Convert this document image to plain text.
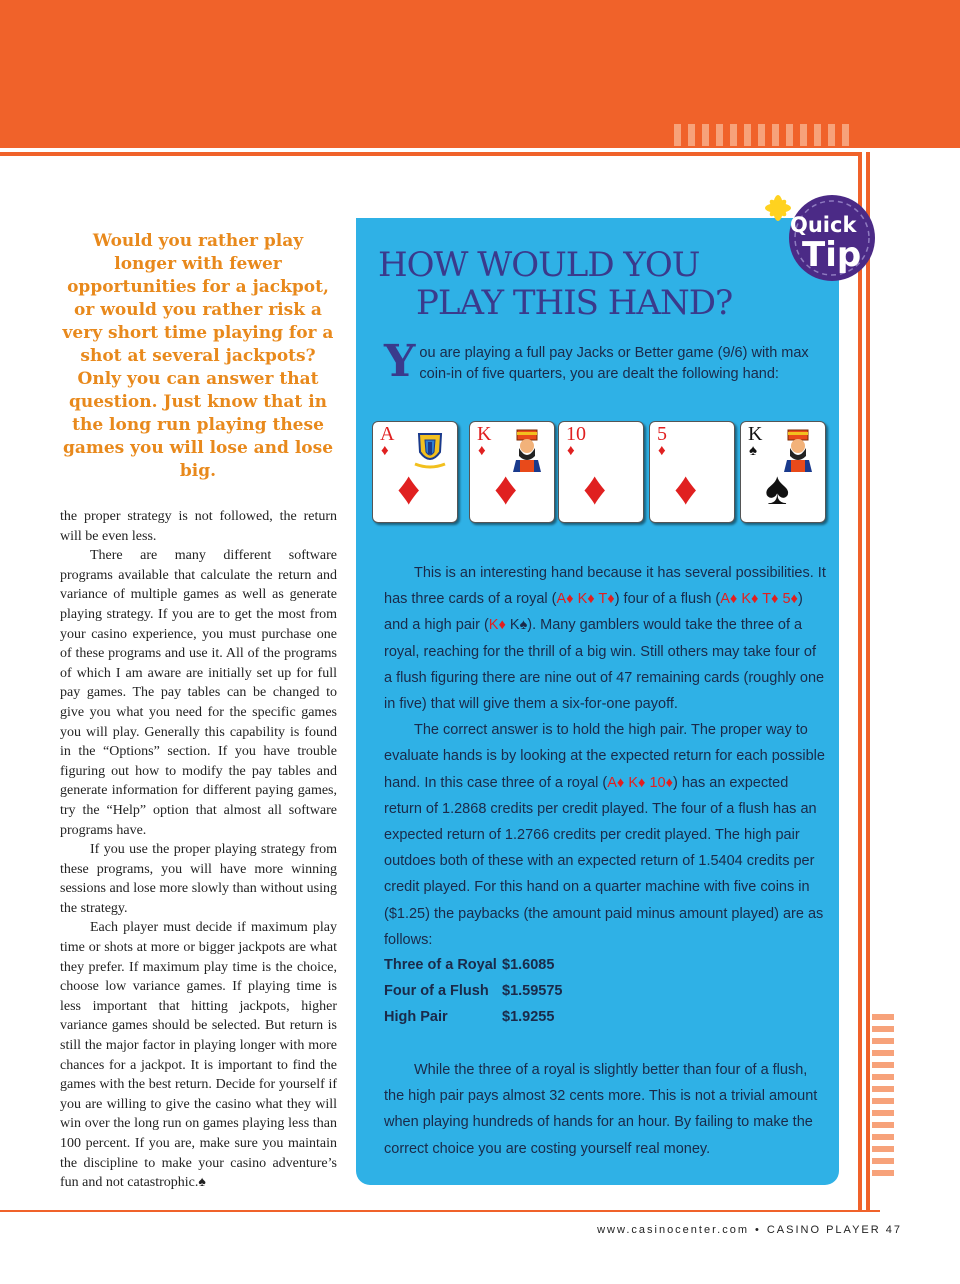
Would you rather play longer with fewer opportunities for a jackpot, or would you rather risk a very short time playing for a shot at several jackpots? Only you can answer that question. Just know that in the long run playing these games you will lose and lose big.

the proper strategy is not followed, the return will be even less.

There are many different software programs available that calculate the return and variance of multiple games as well as generate playing strategy. If you are to get the most from your casino experience, you must purchase one of these programs and use it. All of the programs of which I am aware are initially set up for full pay games. The pay tables can be changed to give you what you need for the specific games you will play. Generally this capability is found in the “Options” section. If you have trouble figuring out how to modify the pay tables and generate information for different paying games, try the “Help” option that almost all software programs have.

If you use the proper playing strategy from these programs, you will have more winning sessions and lose more slowly than without using the strategy.

Each player must decide if maximum play time or shots at more or bigger jackpots are what they prefer. If maximum play time is the choice, choose low variance games. If playing time is less important that hitting jackpots, higher variance games should be selected. But return is still the major factor in playing longer with more chances for a jackpot. It is important to find the games with the best return. Decide for yourself if you are willing to give the casino what they will win over the long run on games playing less than 100 percent. If you are, make sure you maintain the discipline to make your casino adventure’s fun and not catastrophic.♠

Quick
Tip
HOW WOULD YOU
PLAY THIS HAND?

You are playing a full pay Jacks or Better game (9/6) with max coin-in of five quarters, you are dealt the following hand:

A
♦
♦
K
♦
♦
10
♦
♦
5
♦
♦
K
♠
♠

This is an interesting hand because it has several possibilities. It has three cards of a royal (A♦ K♦ T♦) four of a flush (A♦ K♦ T♦ 5♦) and a high pair (K♦ K♠). Many gamblers would take the three of a royal, reaching for the thrill of a big win. Still others may take four of a flush figuring there are nine out of 47 remaining cards (roughly one in five) that will give them a six-for-one payoff.

The correct answer is to hold the high pair. The proper way to evaluate hands is by looking at the expected return for each possible hand. In this case three of a royal (A♦ K♦ 10♦) has an expected return of 1.2868 credits per credit played. The four of a flush has an expected return of 1.2766 credits per credit played. The high pair outdoes both of these with an expected return of 1.5404 credits per credit played. For this hand on a quarter machine with five coins in ($1.25) the paybacks (the amount paid minus amount played) are as follows:

Three of a Royal	$1.6085
Four of a Flush	$1.59575
High Pair	$1.9255

While the three of a royal is slightly better than four of a flush, the high pair pays almost 32 cents more. This is not a trivial amount when playing hundreds of hands for an hour. By failing to make the correct choice you are costing yourself real money.

www.casinocenter.com • CASINO PLAYER 47
